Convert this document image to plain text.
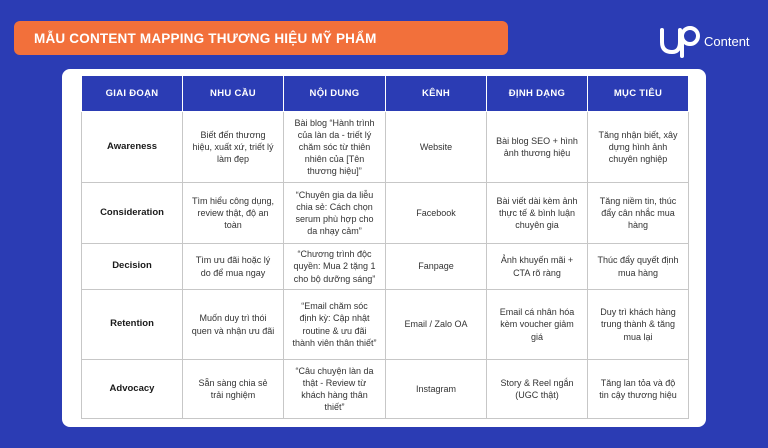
MẪU CONTENT MAPPING THƯƠNG HIỆU MỸ PHẨM	Content
GIAI ĐOẠN	NHU CẦU	NỘI DUNG	KÊNH	ĐỊNH DẠNG	MỤC TIÊU
Awareness	Biết đến thương hiệu, xuất xứ, triết lý làm đẹp	Bài blog “Hành trình của làn da - triết lý chăm sóc từ thiên nhiên của [Tên thương hiệu]”	Website	Bài blog SEO + hình ảnh thương hiệu	Tăng nhận biết, xây dựng hình ảnh chuyên nghiệp
Consideration	Tìm hiểu công dụng, review thật, độ an toàn	“Chuyên gia da liễu chia sẻ: Cách chọn serum phù hợp cho da nhạy cảm”	Facebook	Bài viết dài kèm ảnh thực tế & bình luận chuyên gia	Tăng niềm tin, thúc đẩy cân nhắc mua hàng
Decision	Tìm ưu đãi hoặc lý do để mua ngay	“Chương trình độc quyền: Mua 2 tặng 1 cho bộ dưỡng sáng”	Fanpage	Ảnh khuyến mãi + CTA rõ ràng	Thúc đẩy quyết định mua hàng
Retention	Muốn duy trì thói quen và nhận ưu đãi	“Email chăm sóc định kỳ: Cập nhật routine & ưu đãi thành viên thân thiết”	Email / Zalo OA	Email cá nhân hóa kèm voucher giảm giá	Duy trì khách hàng trung thành & tăng mua lại
Advocacy	Sẵn sàng chia sẻ trải nghiệm	“Câu chuyện làn da thật - Review từ khách hàng thân thiết”	Instagram	Story & Reel ngắn (UGC thật)	Tăng lan tỏa và độ tin cậy thương hiệu
